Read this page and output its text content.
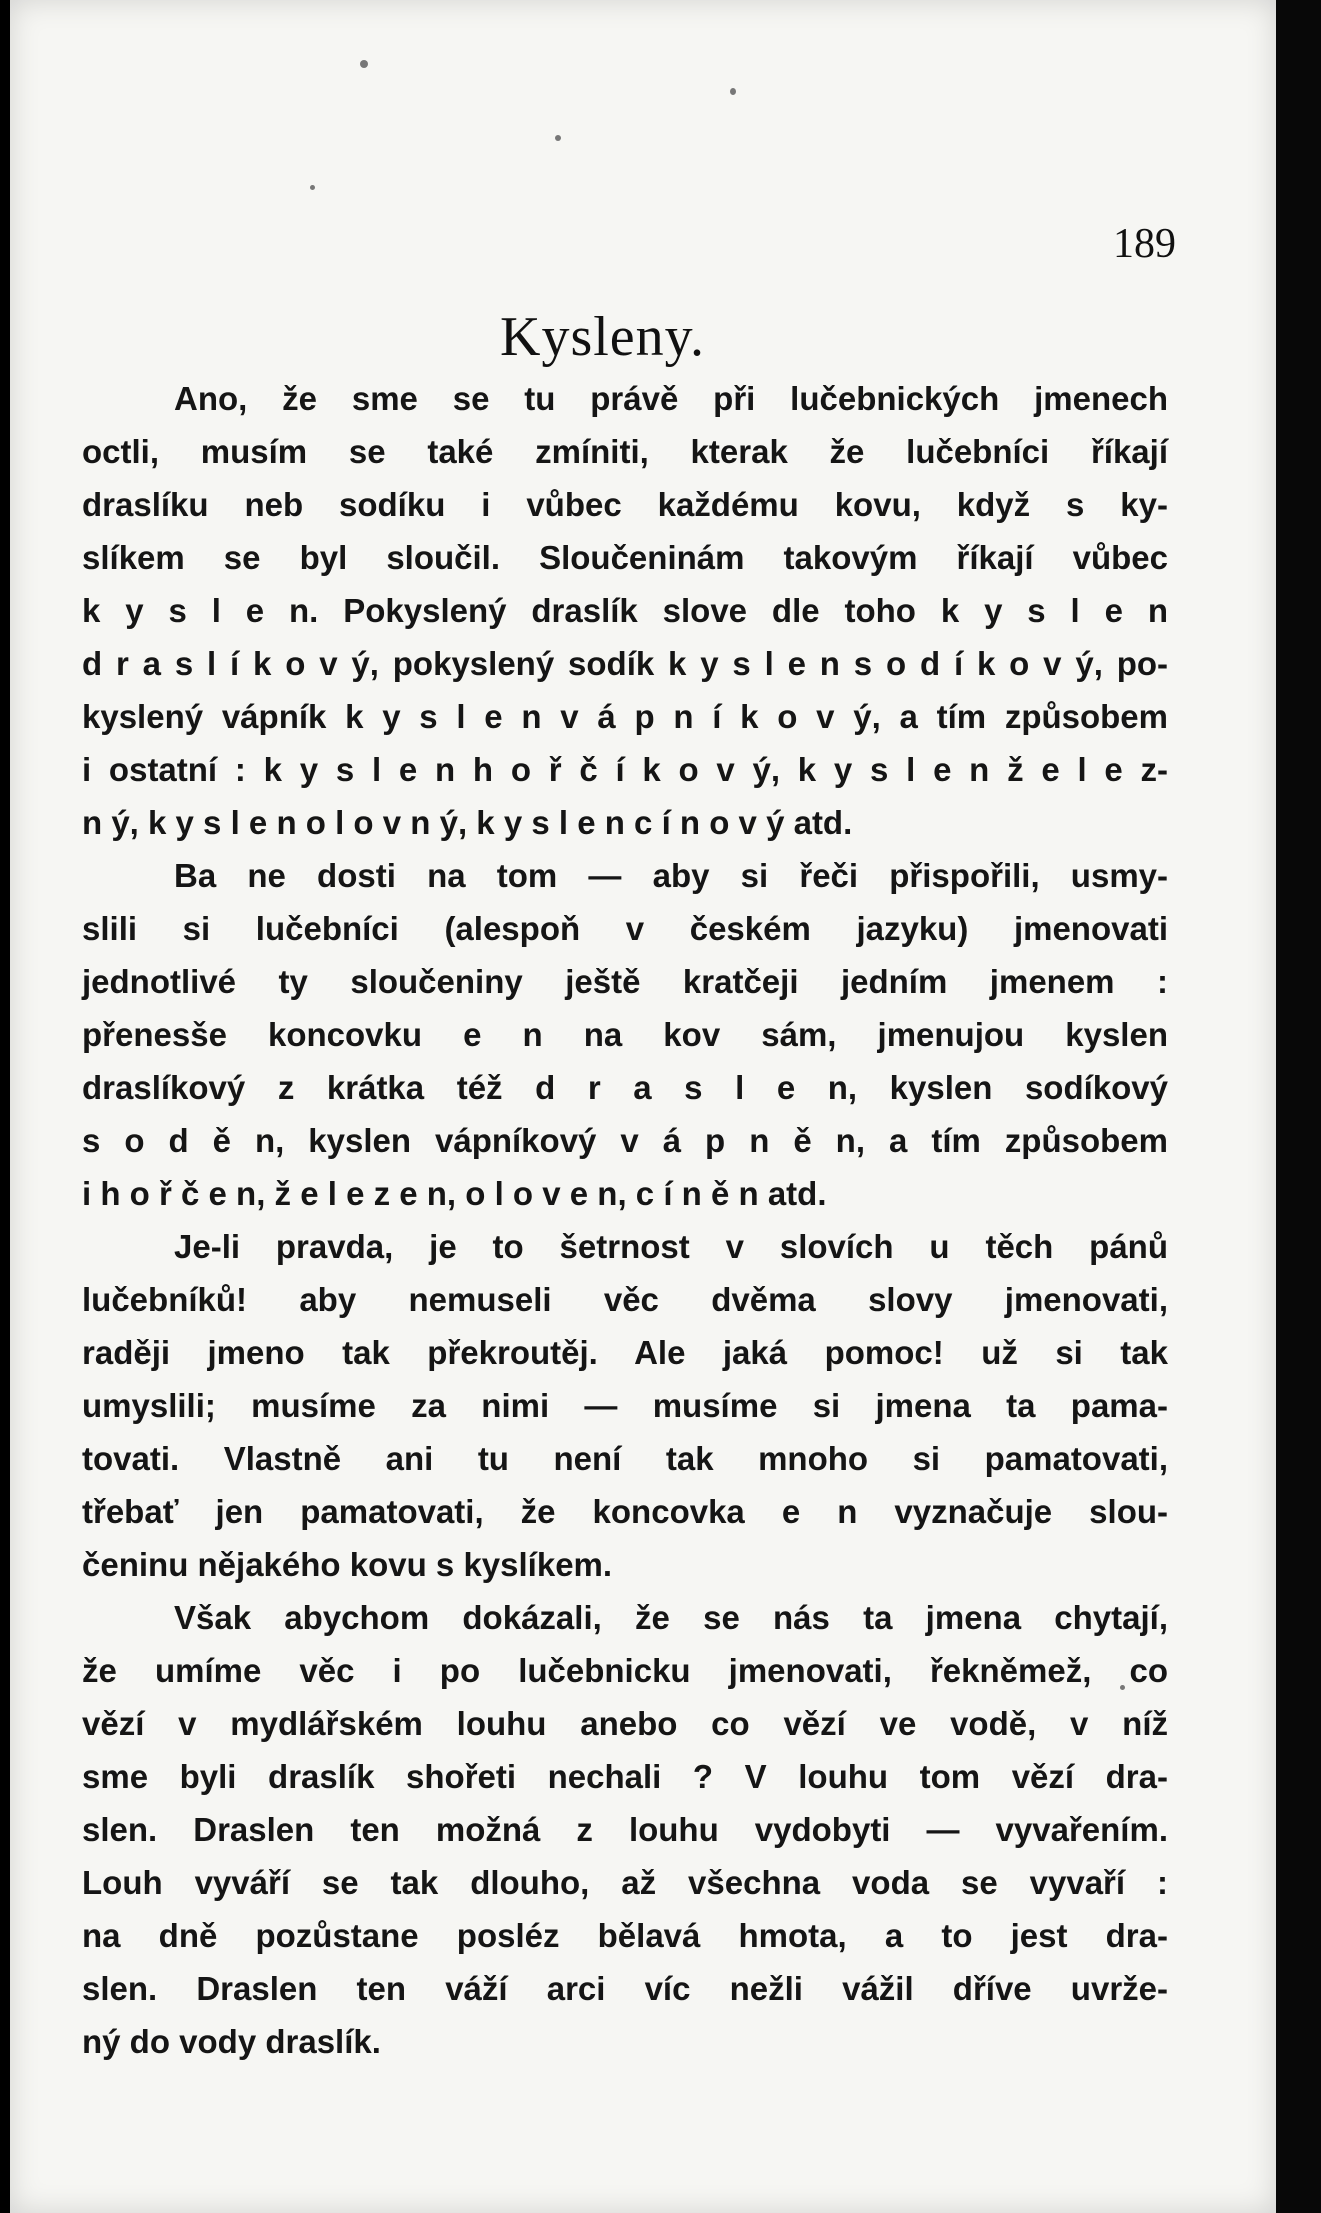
189
Kysleny.
Ano, že sme se tu právě při lučebnických jmenech
octli, musím se také zmíniti, kterak že lučebníci říkají
draslíku neb sodíku i vůbec každému kovu, když s ky-
slíkem se byl sloučil. Sloučeninám takovým říkají vůbec
k y s l e n. Pokyslený draslík slove dle toho k y s l e n
d r a s l í k o v ý, pokyslený sodík k y s l e n s o d í k o v ý, po-
kyslený vápník k y s l e n v á p n í k o v ý, a tím způsobem
i ostatní : k y s l e n h o ř č í k o v ý, k y s l e n ž e l e z-
n ý, k y s l e n o l o v n ý, k y s l e n c í n o v ý atd.
Ba ne dosti na tom — aby si řeči přispořili, usmy-
slili si lučebníci (alespoň v českém jazyku) jmenovati
jednotlivé ty sloučeniny ještě kratčeji jedním jmenem :
přenesše koncovku e n na kov sám, jmenujou kyslen
draslíkový z krátka též d r a s l e n, kyslen sodíkový
s o d ě n, kyslen vápníkový v á p n ě n, a tím způsobem
i h o ř č e n, ž e l e z e n, o l o v e n, c í n ě n atd.
Je-li pravda, je to šetrnost v slovích u těch pánů
lučebníků! aby nemuseli věc dvěma slovy jmenovati,
raději jmeno tak překroutěj. Ale jaká pomoc! už si tak
umyslili; musíme za nimi — musíme si jmena ta pama-
tovati. Vlastně ani tu není tak mnoho si pamatovati,
třebať jen pamatovati, že koncovka e n vyznačuje slou-
čeninu nějakého kovu s kyslíkem.
Však abychom dokázali, že se nás ta jmena chytají,
že umíme věc i po lučebnicku jmenovati, řekněmež, co
vězí v mydlářském louhu anebo co vězí ve vodě, v níž
sme byli draslík shořeti nechali ? V louhu tom vězí dra-
slen. Draslen ten možná z louhu vydobyti — vyvařením.
Louh vyváří se tak dlouho, až všechna voda se vyvaří :
na dně pozůstane posléz bělavá hmota, a to jest dra-
slen. Draslen ten váží arci víc nežli vážil dříve uvrže-
ný do vody draslík.
